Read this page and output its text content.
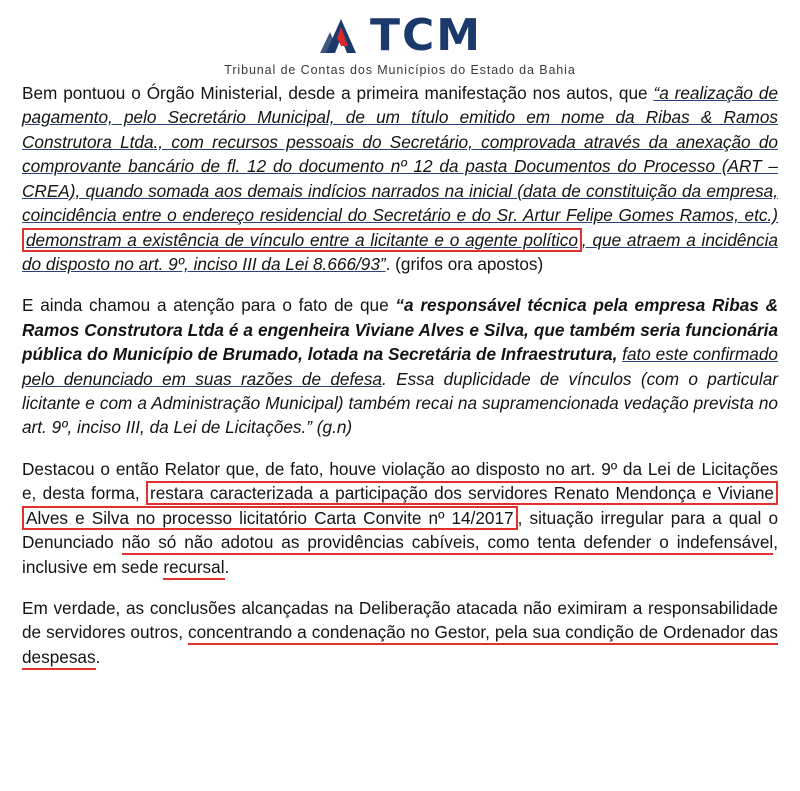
TCM
Tribunal de Contas dos Municípios do Estado da Bahia

Bem pontuou o Órgão Ministerial, desde a primeira manifestação nos autos, que “a realização de pagamento, pelo Secretário Municipal, de um título emitido em nome da Ribas & Ramos Construtora Ltda., com recursos pessoais do Secretário, comprovada através da anexação do comprovante bancário de fl. 12 do documento nº 12 da pasta Documentos do Processo (ART – CREA), quando somada aos demais indícios narrados na inicial (data de constituição da empresa, coincidência entre o endereço residencial do Secretário e do Sr. Artur Felipe Gomes Ramos, etc.) demonstram a existência de vínculo entre a licitante e o agente político , que atraem a incidência do disposto no art. 9º, inciso III da Lei 8.666/93”. (grifos ora apostos)

E ainda chamou a atenção para o fato de que “a responsável técnica pela empresa Ribas & Ramos Construtora Ltda é a engenheira Viviane Alves e Silva, que também seria funcionária pública do Município de Brumado, lotada na Secretária de Infraestrutura, fato este confirmado pelo denunciado em suas razões de defesa. Essa duplicidade de vínculos (com o particular licitante e com a Administração Municipal) também recai na supramencionada vedação prevista no art. 9º, inciso III, da Lei de Licitações.” (g.n)

Destacou o então Relator que, de fato, houve violação ao disposto no art. 9º da Lei de Licitações e, desta forma, restara caracterizada a participação dos servidores Renato Mendonça e Viviane Alves e Silva no processo licitatório Carta Convite nº 14/2017 , situação irregular para a qual o Denunciado não só não adotou as providências cabíveis, como tenta defender o indefensável, inclusive em sede recursal.

Em verdade, as conclusões alcançadas na Deliberação atacada não eximiram a responsabilidade de servidores outros, concentrando a condenação no Gestor, pela sua condição de Ordenador das despesas.
